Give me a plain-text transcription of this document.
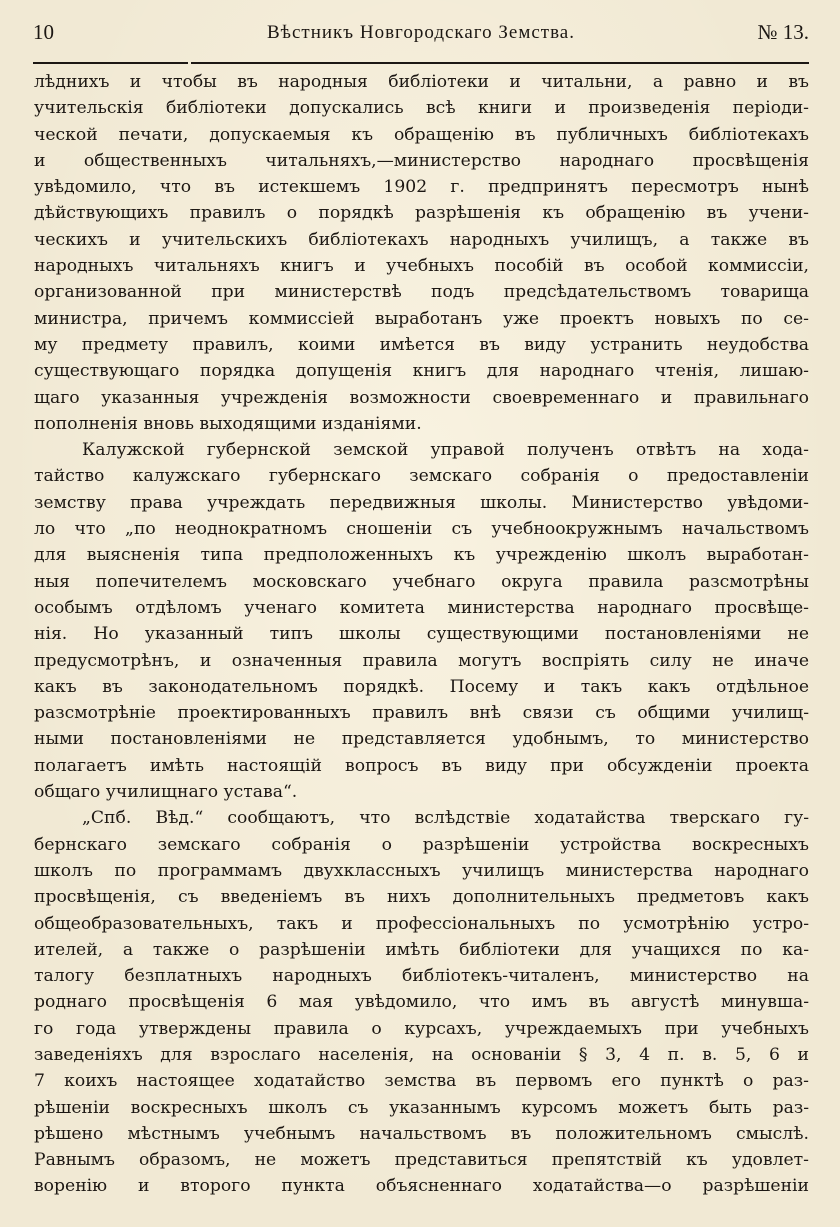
10	Вѣстникъ Новгородскаго Земства.	№ 13.
лѣднихъ и чтобы въ народныя библіотеки и читальни, а равно и въ
учительскія библіотеки допускались всѣ книги и произведенія періоди-
ческой печати, допускаемыя къ обращенію въ публичныхъ библіотекахъ
и общественныхъ читальняхъ,—министерство народнаго просвѣщенія
увѣдомило, что въ истекшемъ 1902 г. предпринятъ пересмотръ нынѣ
дѣйствующихъ правилъ о порядкѣ разрѣшенія къ обращенію въ учени-
ческихъ и учительскихъ библіотекахъ народныхъ училищъ, а также въ
народныхъ читальняхъ книгъ и учебныхъ пособій въ особой коммиссіи,
организованной при министерствѣ подъ предсѣдательствомъ товарища
министра, причемъ коммиссіей выработанъ уже проектъ новыхъ по се-
му предмету правилъ, коими имѣется въ виду устранить неудобства
существующаго порядка допущенія книгъ для народнаго чтенія, лишаю-
щаго указанныя учрежденія возможности своевременнаго и правильнаго
пополненія вновь выходящими изданіями.
Калужской губернской земской управой полученъ отвѣтъ на хода-
тайство калужскаго губернскаго земскаго собранія о предоставленіи
земству права учреждать передвижныя школы. Министерство увѣдоми-
ло что „по неоднократномъ сношеніи съ учебноокружнымъ начальствомъ
для выясненія типа предположенныхъ къ учрежденію школъ выработан-
ныя попечителемъ московскаго учебнаго округа правила разсмотрѣны
особымъ отдѣломъ ученаго комитета министерства народнаго просвѣще-
нія. Но указанный типъ школы существующими постановленіями не
предусмотрѣнъ, и означенныя правила могутъ воспріять силу не иначе
какъ въ законодательномъ порядкѣ. Посему и такъ какъ отдѣльное
разсмотрѣніе проектированныхъ правилъ внѣ связи съ общими училищ-
ными постановленіями не представляется удобнымъ, то министерство
полагаетъ имѣть настоящій вопросъ въ виду при обсужденіи проекта
общаго училищнаго устава“.
„Спб. Вѣд.“ сообщаютъ, что вслѣдствіе ходатайства тверскаго гу-
бернскаго земскаго собранія о разрѣшеніи устройства воскресныхъ
школъ по программамъ двухклассныхъ училищъ министерства народнаго
просвѣщенія, съ введеніемъ въ нихъ дополнительныхъ предметовъ какъ
общеобразовательныхъ, такъ и профессіональныхъ по усмотрѣнію устро-
ителей, а также о разрѣшеніи имѣть библіотеки для учащихся по ка-
талогу безплатныхъ народныхъ библіотекъ-читаленъ, министерство на
роднаго просвѣщенія 6 мая увѣдомило, что имъ въ августѣ минувша-
го года утверждены правила о курсахъ, учреждаемыхъ при учебныхъ
заведеніяхъ для взрослаго населенія, на основаніи § 3, 4 п. в. 5, 6 и
7 коихъ настоящее ходатайство земства въ первомъ его пунктѣ о раз-
рѣшеніи воскресныхъ школъ съ указаннымъ курсомъ можетъ быть раз-
рѣшено мѣстнымъ учебнымъ начальствомъ въ положительномъ смыслѣ.
Равнымъ образомъ, не можетъ представиться препятствій къ удовлет-
воренію и второго пункта объясненнаго ходатайства—о разрѣшеніи
